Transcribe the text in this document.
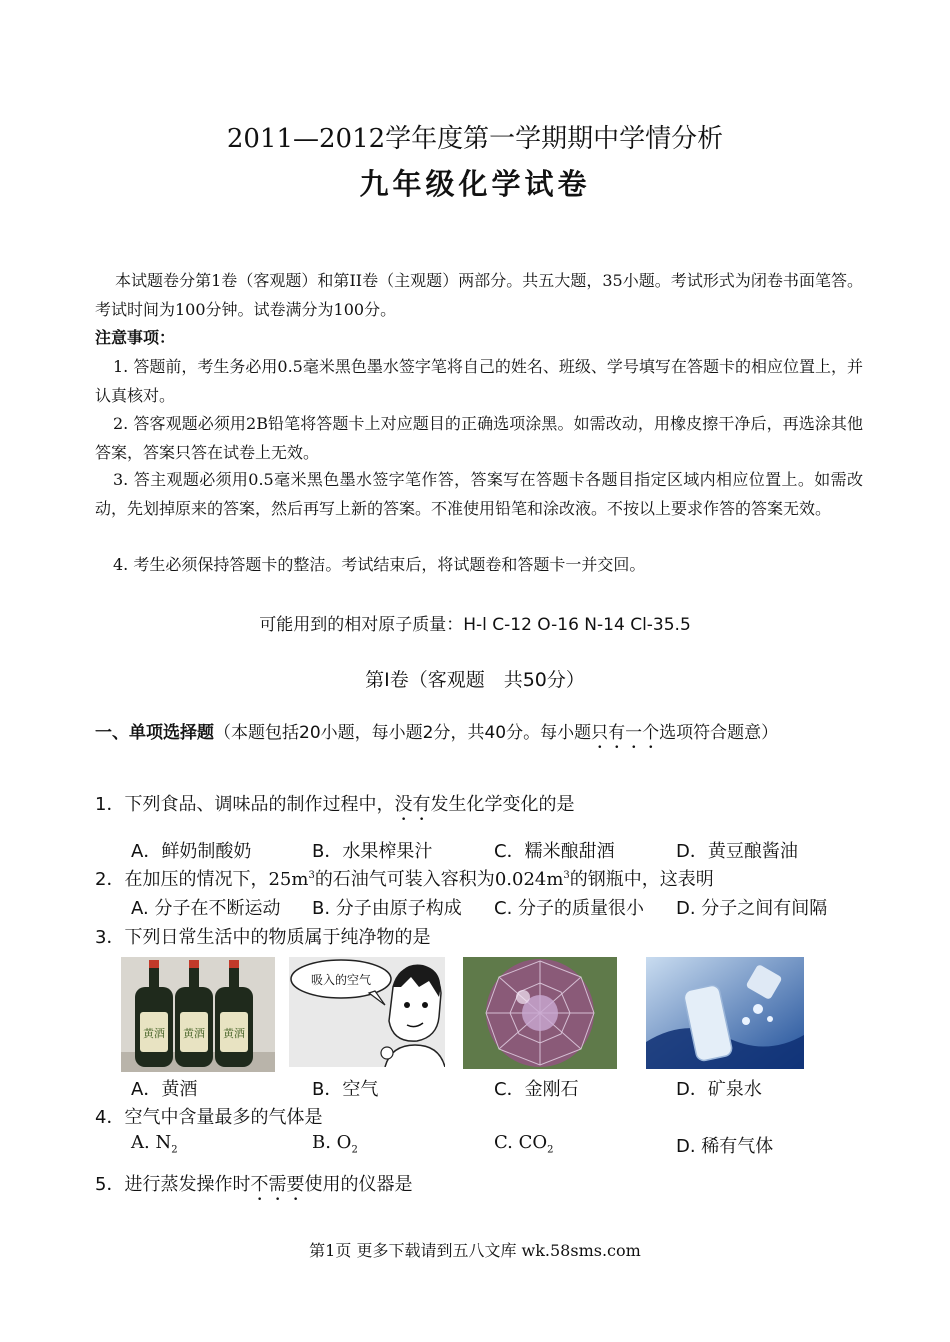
2011—2012学年度第一学期期中学情分析
九年级化学试卷
本试题卷分第1卷（客观题）和第II卷（主观题）两部分。共五大题，35小题。考试形式为闭卷书面笔答。考试时间为100分钟。试卷满分为100分。
注意事项：
1. 答题前，考生务必用0.5毫米黑色墨水签字笔将自己的姓名、班级、学号填写在答题卡的相应位置上，并认真核对。
2. 答客观题必须用2B铅笔将答题卡上对应题目的正确选项涂黑。如需改动，用橡皮擦干净后，再选涂其他答案，答案只答在试卷上无效。
3. 答主观题必须用0.5毫米黑色墨水签字笔作答，答案写在答题卡各题目指定区域内相应位置上。如需改动，先划掉原来的答案，然后再写上新的答案。不准使用铅笔和涂改液。不按以上要求作答的答案无效。
4. 考生必须保持答题卡的整洁。考试结束后，将试题卷和答题卡一并交回。
可能用到的相对原子质量：H-l C-12 O-16 N-14 Cl-35.5
第Ⅰ卷（客观题　共50分）
一、单项选择题（本题包括20小题，每小题2分，共40分。每小题只有一个选项符合题意）
1．下列食品、调味品的制作过程中，没有发生化学变化的是
A．鲜奶制酸奶	B．水果榨果汁	C．糯米酿甜酒	D．黄豆酿酱油
2．在加压的情况下，$25m^3$的石油气可装入容积为$0.024m^3$的钢瓶中，这表明
A. 分子在不断运动 B. 分子由原子构成 C. 分子的质量很小 D. 分子之间有间隔
3．下列日常生活中的物质属于纯净物的是
黄酒 黄酒 黄酒
吸入的空气
A．黄酒	B．空气	C．金刚石	D．矿泉水
4．空气中含量最多的气体是
A. $N_2$	B. $O_2$	C. $CO_2$	D. 稀有气体
5．进行蒸发操作时不需要使用的仪器是
第1页 更多下载请到五八文库 wk.58sms.com
